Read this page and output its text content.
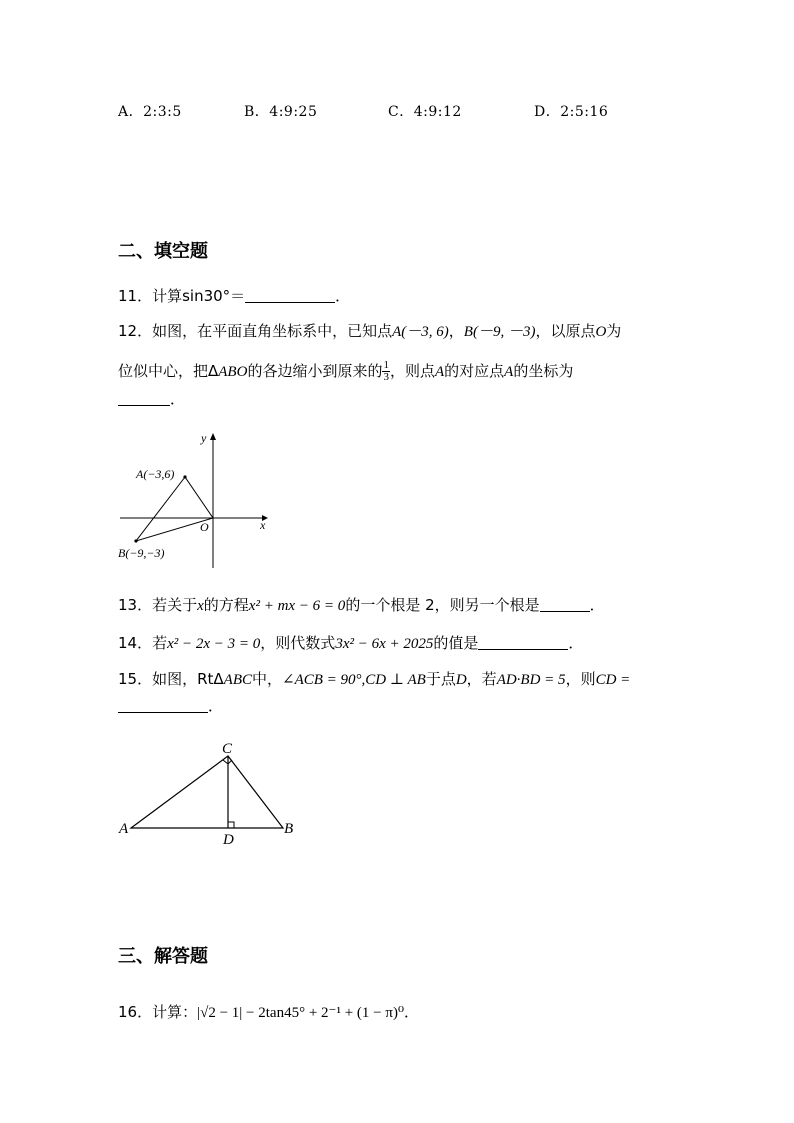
A．2:3:5	B．4:9:25	C．4:9:12	D．2:5:16
二、填空题
11．计算sin30°＝	．
12．如图，在平面直角坐标系中，已知点A(－3, 6)，B(－9, －3)，以原点O为
位似中心，把ΔABO的各边缩小到原来的 $\frac{1}{3}$ ，则点A的对应点A的坐标为
．
y
x
O
A(−3,6)
B(−9,−3)
13．若关于x的方程x² + mx − 6 = 0的一个根是 2，则另一个根是	．
14．若x² − 2x − 3 = 0，则代数式3x² − 6x + 2025的值是	．
15．如图，RtΔABC中，∠ACB = 90°,CD ⊥ AB于点D，若AD·BD = 5，则CD =
．
C
A	B
D
三、解答题
16．计算：|√2 − 1| − 2tan45° + 2⁻¹ + (1 − π)⁰．
